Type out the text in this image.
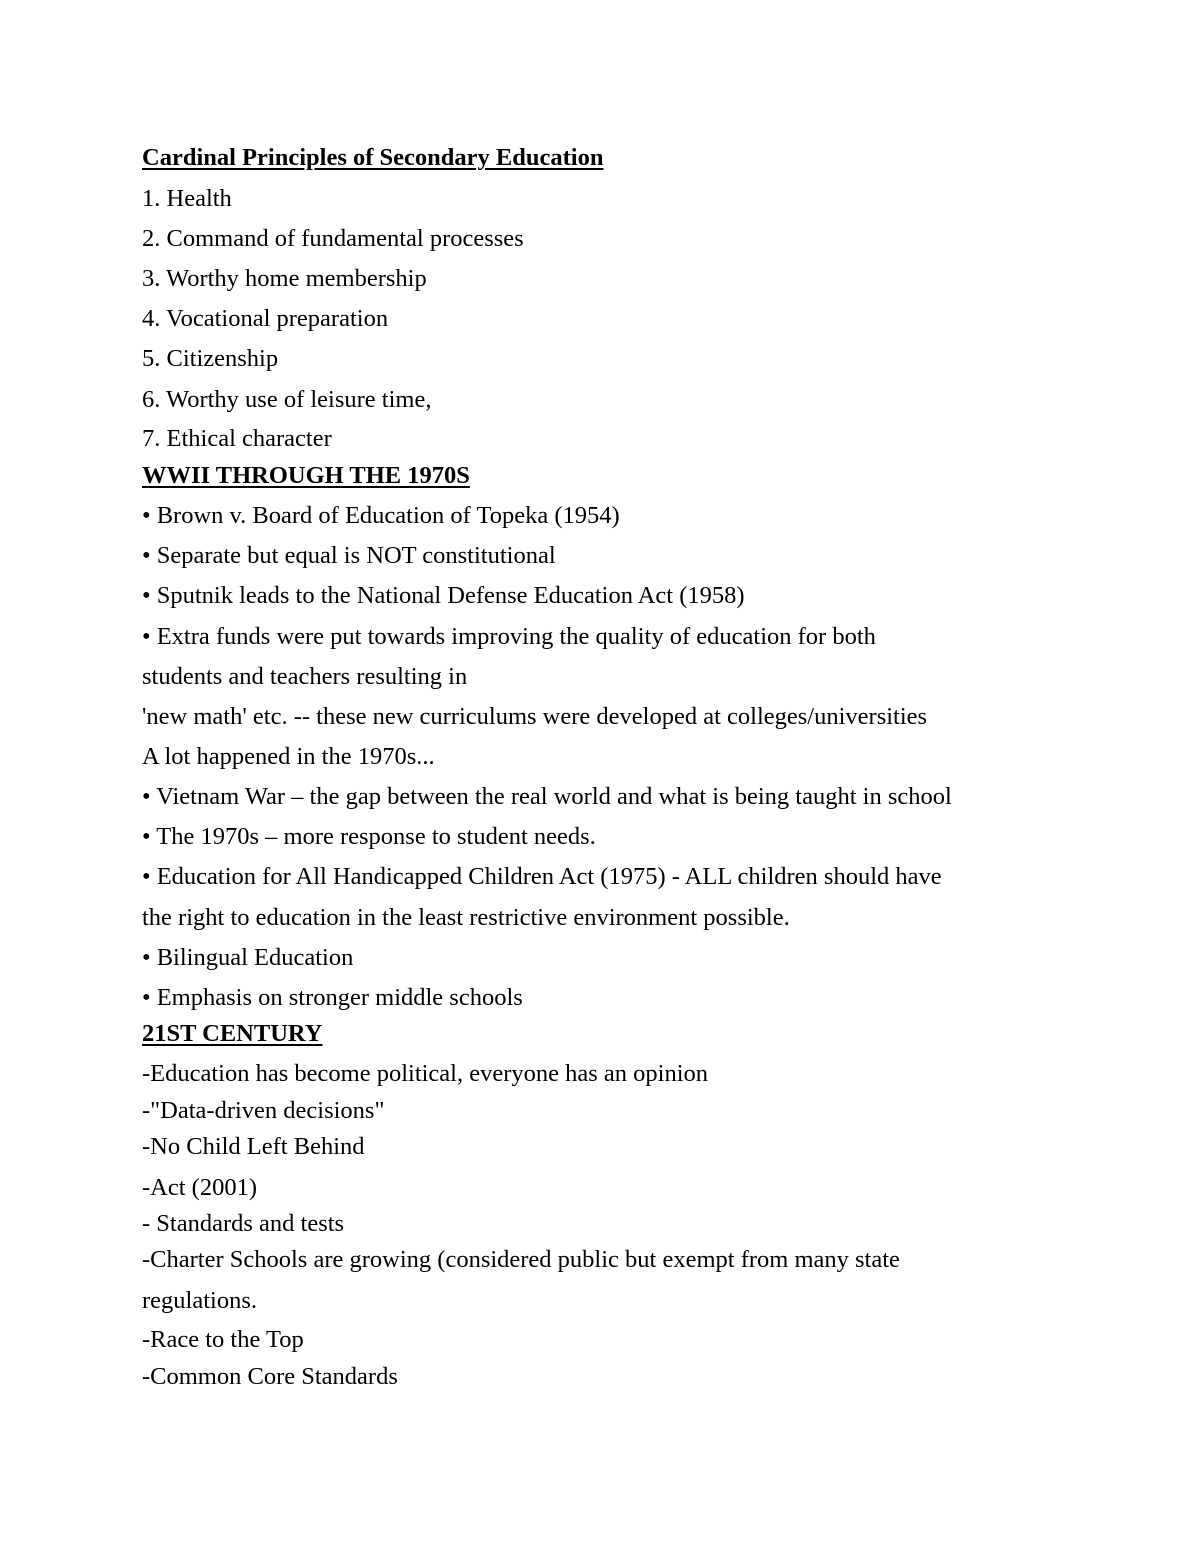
Cardinal Principles of Secondary Education
1. Health
2. Command of fundamental processes
3. Worthy home membership
4. Vocational preparation
5. Citizenship
6. Worthy use of leisure time,
7. Ethical character
WWII THROUGH THE 1970S
• Brown v. Board of Education of Topeka (1954)
• Separate but equal is NOT constitutional
• Sputnik leads to the National Defense Education Act (1958)
• Extra funds were put towards improving the quality of education for both
students and teachers resulting in
'new math' etc. -- these new curriculums were developed at colleges/universities
A lot happened in the 1970s...
• Vietnam War – the gap between the real world and what is being taught in school
• The 1970s – more response to student needs.
• Education for All Handicapped Children Act (1975) - ALL children should have
the right to education in the least restrictive environment possible.
• Bilingual Education
• Emphasis on stronger middle schools
21ST CENTURY
-Education has become political, everyone has an opinion
-"Data-driven decisions"
-No Child Left Behind
-Act (2001)
- Standards and tests
-Charter Schools are growing (considered public but exempt from many state
regulations.
-Race to the Top
-Common Core Standards
